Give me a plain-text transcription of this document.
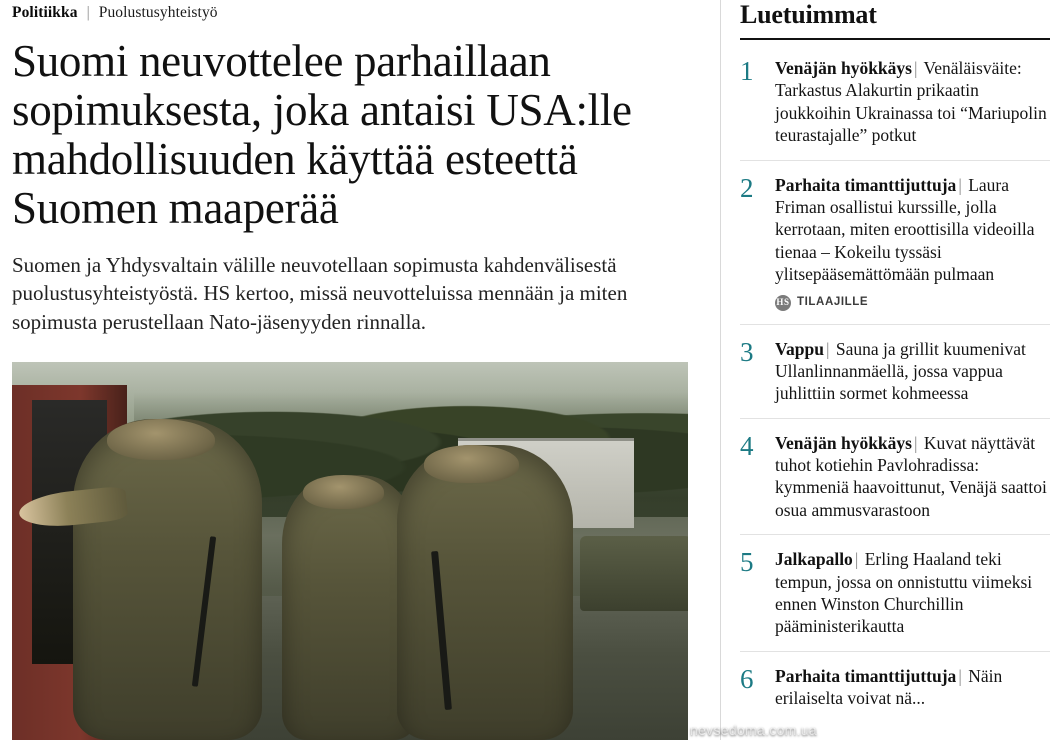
Politiikka | Puolustusyhteistyö
Suomi neuvottelee parhaillaan sopimuksesta, joka antaisi USA:lle mahdollisuuden käyttää esteettä Suomen maaperää

Suomen ja Yhdysvaltain välille neuvotellaan sopimusta kahdenvälisestä puolustusyhteistyöstä. HS kertoo, missä neuvotteluissa mennään ja miten sopimusta perustellaan Nato-jäsenyyden rinnalla.

Luetuimmat
1	Venäjän hyökkäys | Venäläisväite: Tarkastus Alakurtin prikaatin joukkoihin Ukrainassa toi “Mariupolin teurastajalle” potkut
2	Parhaita timanttijuttuja | Laura Friman osallistui kurssille, jolla kerrotaan, miten eroottisilla videoilla tienaa – Kokeilu tyssäsi ylitsepääsemättömään pulmaan
HS TILAAJILLE
3	Vappu | Sauna ja grillit kuumenivat Ullanlinnanmäellä, jossa vappua juhlittiin sormet kohmeessa
4	Venäjän hyökkäys | Kuvat näyttävät tuhot kotiehin Pavlohradissa: kymmeniä haavoittunut, Venäjä saattoi osua ammusvarastoon
5	Jalkapallo | Erling Haaland teki tempun, jossa on onnistuttu viimeksi ennen Winston Churchillin pääministerikautta
6	Parhaita timanttijuttuja | Näin erilaiselta voivat nä...
nevsedoma.com.ua
